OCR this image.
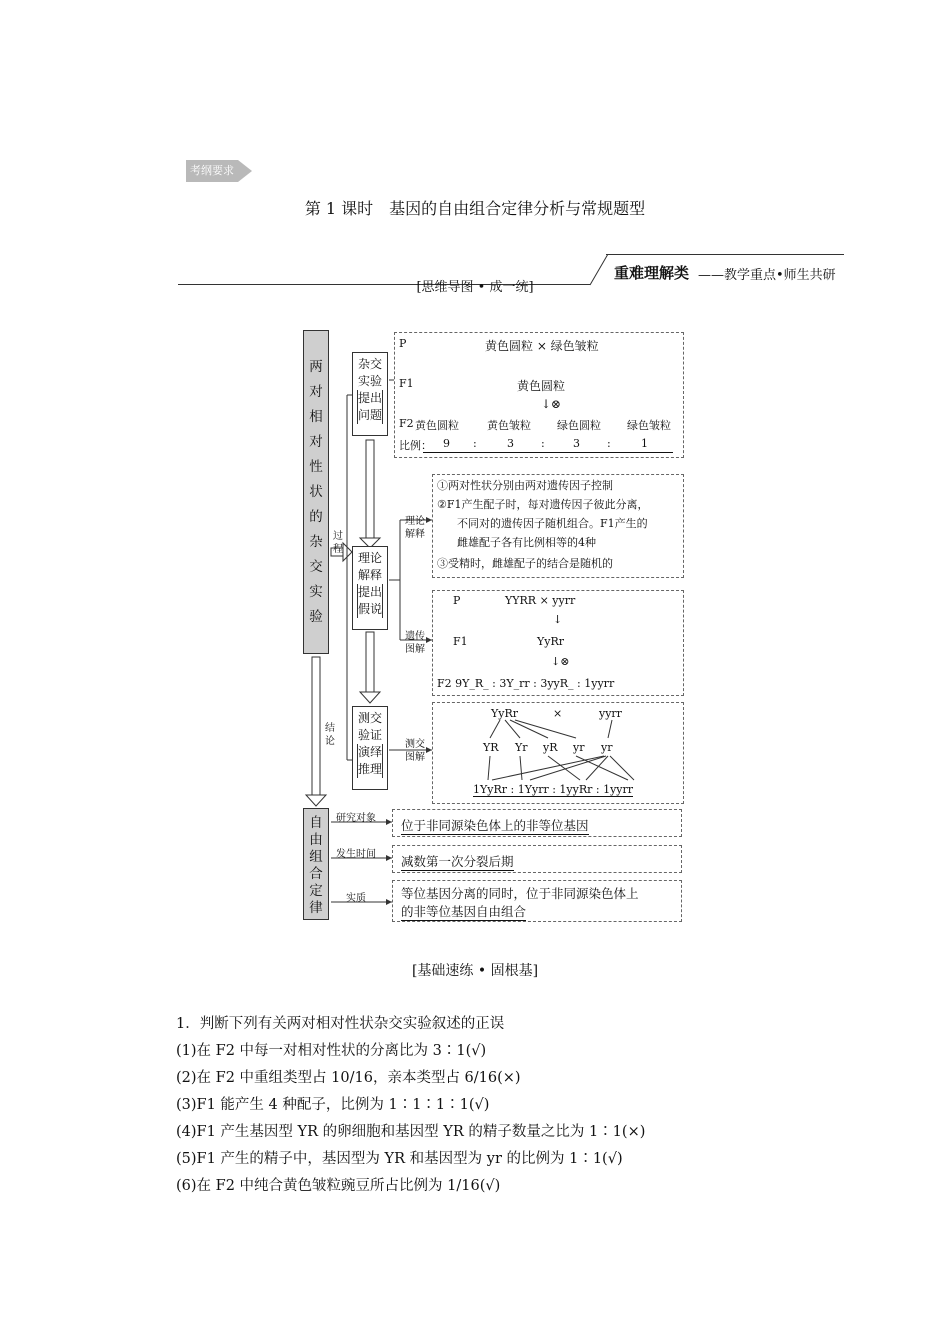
考纲要求
第 1 课时　基因的自由组合定律分析与常规题型
重难理解类 ——教学重点•师生共研
[思维导图 • 成一统]
两对相对性状的杂交实验
过程
结论
杂交实验
提出问题
理论解释
提出假说
测交验证
演绎推理
P	黄色圆粒 × 绿色皱粒
F1	黄色圆粒
↓⊗
F2 黄色圆粒	黄色皱粒 绿色圆粒 绿色皱粒
比例： 9 :	3 :	3 :	1
理论解释
①两对性状分别由两对遗传因子控制
②F1产生配子时，每对遗传因子彼此分离，
不同对的遗传因子随机组合。F1产生的
雌雄配子各有比例相等的4种
③受精时，雌雄配子的结合是随机的
遗传图解
P	YYRR × yyrr
↓
F1	YyRr
↓⊗
F2 9Y_R_ : 3Y_rr : 3yyR_ : 1yyrr
测交图解
YyRr	×	yyrr
YR Yr yR yr yr
1YyRr : 1Yyrr : 1yyRr : 1yyrr
自由组合定律
研究对象
发生时间
实质
位于非同源染色体上的非等位基因
减数第一次分裂后期
等位基因分离的同时，位于非同源染色体上
的非等位基因自由组合
[基础速练 • 固根基]
1．判断下列有关两对相对性状杂交实验叙述的正误
(1)在 F2 中每一对相对性状的分离比为 3∶1(√)
(2)在 F2 中重组类型占 10/16，亲本类型占 6/16(×)
(3)F1 能产生 4 种配子，比例为 1∶1∶1∶1(√)
(4)F1 产生基因型 YR 的卵细胞和基因型 YR 的精子数量之比为 1∶1(×)
(5)F1 产生的精子中，基因型为 YR 和基因型为 yr 的比例为 1∶1(√)
(6)在 F2 中纯合黄色皱粒豌豆所占比例为 1/16(√)
